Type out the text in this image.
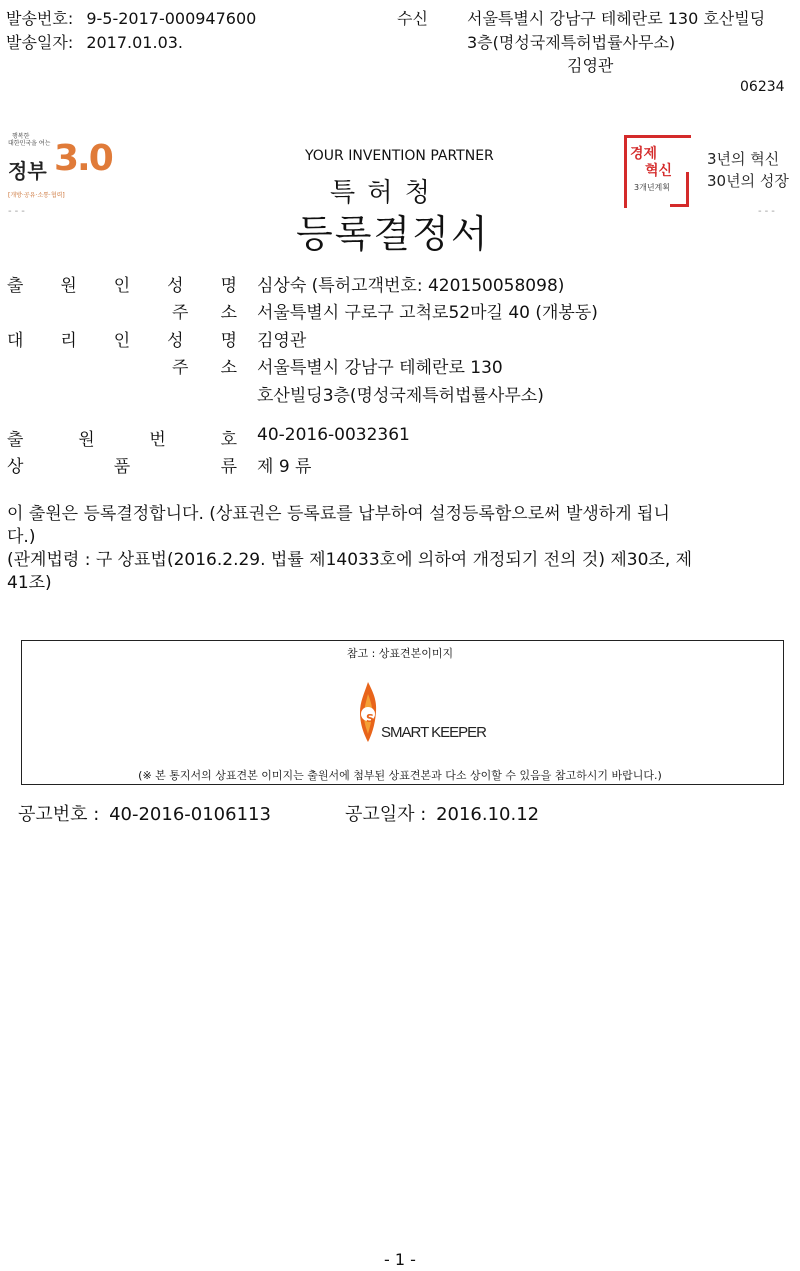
발송번호: 9-5-2017-000947600
발송일자: 2017.01.03.
수신 서울특별시 강남구 테헤란로 130 호산빌딩
3층(명성국제특허법률사무소)
김영관
06234
행복한
대한민국을 여는
정부 3.0
[개방·공유·소통·협력]
---
YOUR INVENTION PARTNER
특 허 청
등록결정서
경제
혁신
3개년계획
3년의 혁신
30년의 성장
---
출 원 인 성 명 심상숙 (특허고객번호: 420150058098)
주 소 서울특별시 구로구 고척로52마길 40 (개봉동)
대 리 인 성 명 김영관
주 소 서울특별시 강남구 테헤란로 130
호산빌딩3층(명성국제특허법률사무소)
출 원 번 호 40-2016-0032361
상 품 류 제 9 류
이 출원은 등록결정합니다. (상표권은 등록료를 납부하여 설정등록함으로써 발생하게 됩니
다.)
(관계법령 : 구 상표법(2016.2.29. 법률 제14033호에 의하여 개정되기 전의 것) 제30조, 제
41조)
참고 : 상표견본이미지
S
SMART KEEPER
(※ 본 통지서의 상표견본 이미지는 출원서에 첨부된 상표견본과 다소 상이할 수 있음을 참고하시기 바랍니다.)
공고번호 : 40-2016-0106113	공고일자 : 2016.10.12
- 1 -
